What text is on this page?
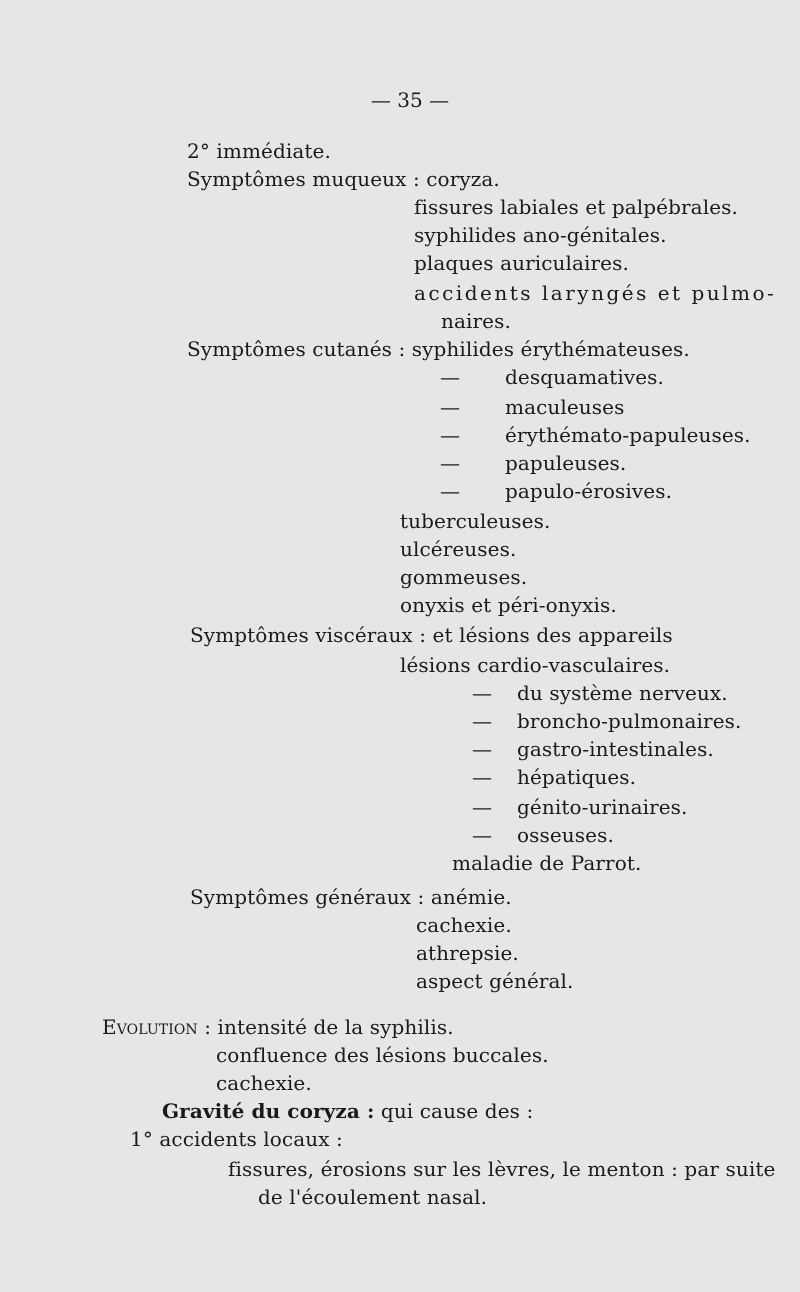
— 35 —
2° immédiate.
Symptômes muqueux : coryza.
fissures labiales et palpébrales.
syphilides ano-génitales.
plaques auriculaires.
accidents laryngés et pulmo-
naires.
Symptômes cutanés : syphilides érythémateuses.
— desquamatives.
— maculeuses
— érythémato-papuleuses.
— papuleuses.
— papulo-érosives.
tuberculeuses.
ulcéreuses.
gommeuses.
onyxis et péri-onyxis.
Symptômes viscéraux : et lésions des appareils
lésions cardio-vasculaires.
— du système nerveux.
— broncho-pulmonaires.
— gastro-intestinales.
— hépatiques.
— génito-urinaires.
— osseuses.
maladie de Parrot.
Symptômes généraux : anémie.
cachexie.
athrepsie.
aspect général.
Evolution : intensité de la syphilis.
confluence des lésions buccales.
cachexie.
Gravité du coryza : qui cause des :
1° accidents locaux :
fissures, érosions sur les lèvres, le menton : par suite
de l'écoulement nasal.
